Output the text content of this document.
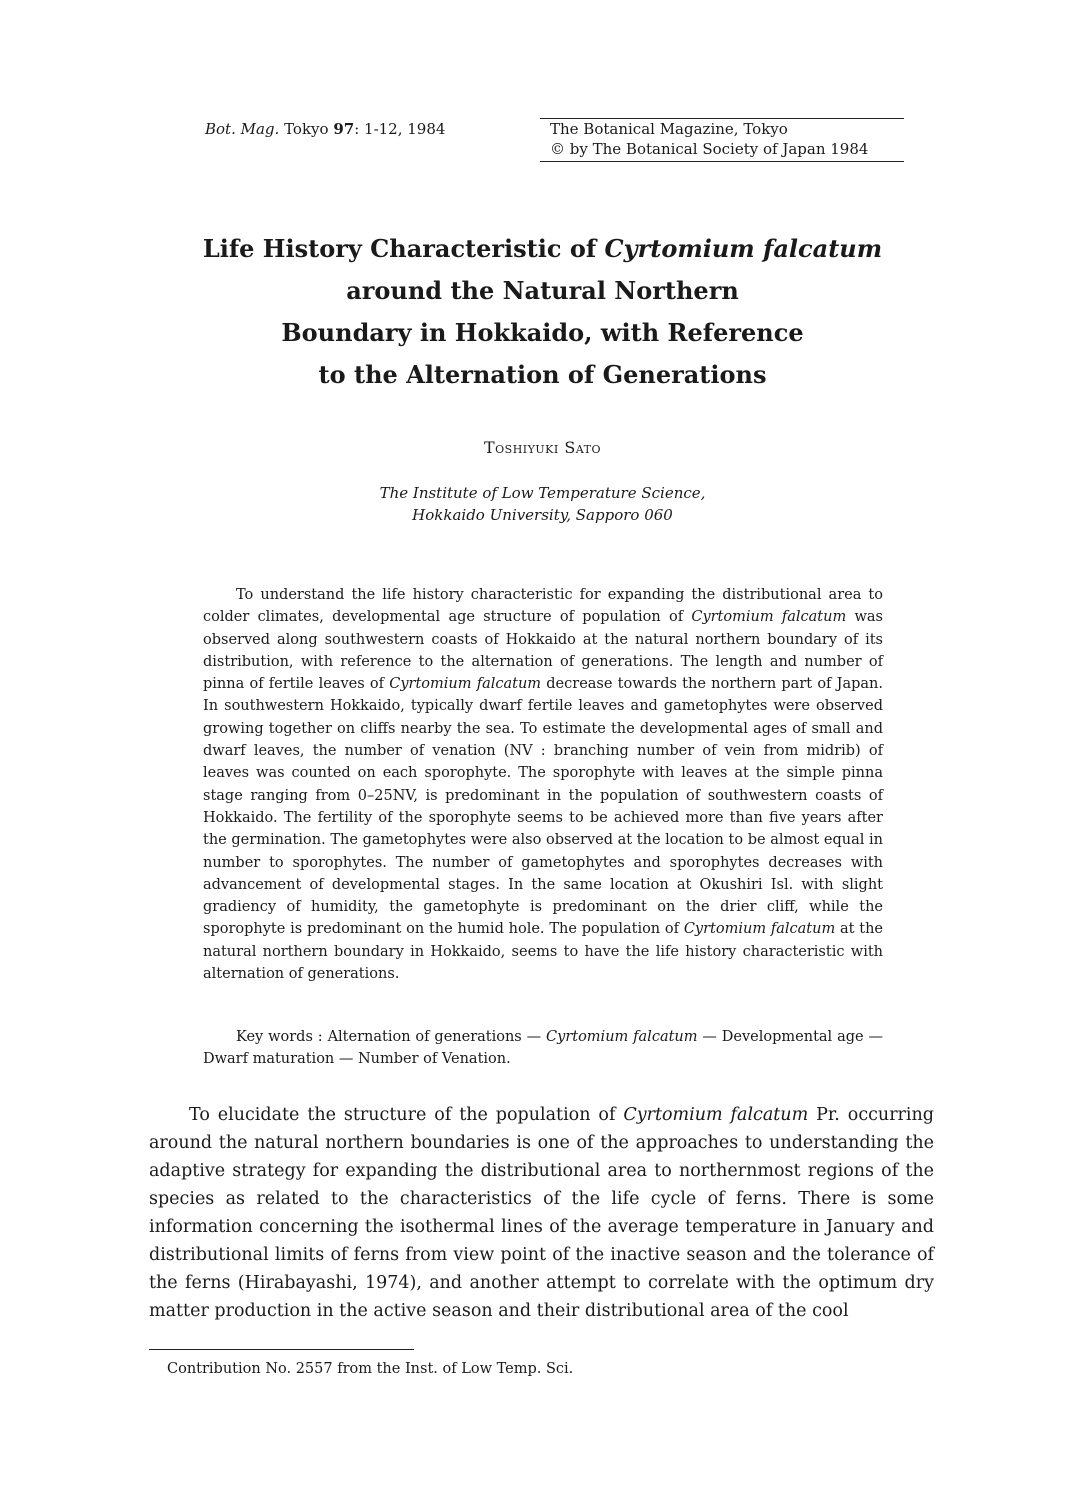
Bot. Mag. Tokyo 97: 1-12, 1984	The Botanical Magazine, Tokyo
© by The Botanical Society of Japan 1984
Life History Characteristic of Cyrtomium falcatum
around the Natural Northern
Boundary in Hokkaido, with Reference
to the Alternation of Generations
Toshiyuki Sato
The Institute of Low Temperature Science,
Hokkaido University, Sapporo 060

To understand the life history characteristic for expanding the distributional area to colder climates, developmental age structure of population of Cyrtomium falcatum was observed along southwestern coasts of Hokkaido at the natural northern boundary of its distribution, with reference to the alternation of generations. The length and number of pinna of fertile leaves of Cyrtomium falcatum decrease towards the northern part of Japan. In southwestern Hokkaido, typically dwarf fertile leaves and gametophytes were observed growing together on cliffs nearby the sea. To estimate the developmental ages of small and dwarf leaves, the number of venation (NV : branching number of vein from midrib) of leaves was counted on each sporophyte. The sporophyte with leaves at the simple pinna stage ranging from 0–25NV, is predominant in the population of southwestern coasts of Hokkaido. The fertility of the sporophyte seems to be achieved more than five years after the germination. The gametophytes were also observed at the location to be almost equal in number to sporophytes. The number of gametophytes and sporophytes decreases with advancement of developmental stages. In the same location at Okushiri Isl. with slight gradiency of humidity, the gametophyte is predominant on the drier cliff, while the sporophyte is predominant on the humid hole. The population of Cyrtomium falcatum at the natural northern boundary in Hokkaido, seems to have the life history characteristic with alternation of generations.

Key words : Alternation of generations — Cyrtomium falcatum — Developmental age — Dwarf maturation — Number of Venation.

To elucidate the structure of the population of Cyrtomium falcatum Pr. occurring around the natural northern boundaries is one of the approaches to understanding the adaptive strategy for expanding the distributional area to northernmost regions of the species as related to the characteristics of the life cycle of ferns. There is some information concerning the isothermal lines of the average temperature in January and distributional limits of ferns from view point of the inactive season and the tolerance of the ferns (Hirabayashi, 1974), and another attempt to correlate with the optimum dry matter production in the active season and their distributional area of the cool

Contribution No. 2557 from the Inst. of Low Temp. Sci.
